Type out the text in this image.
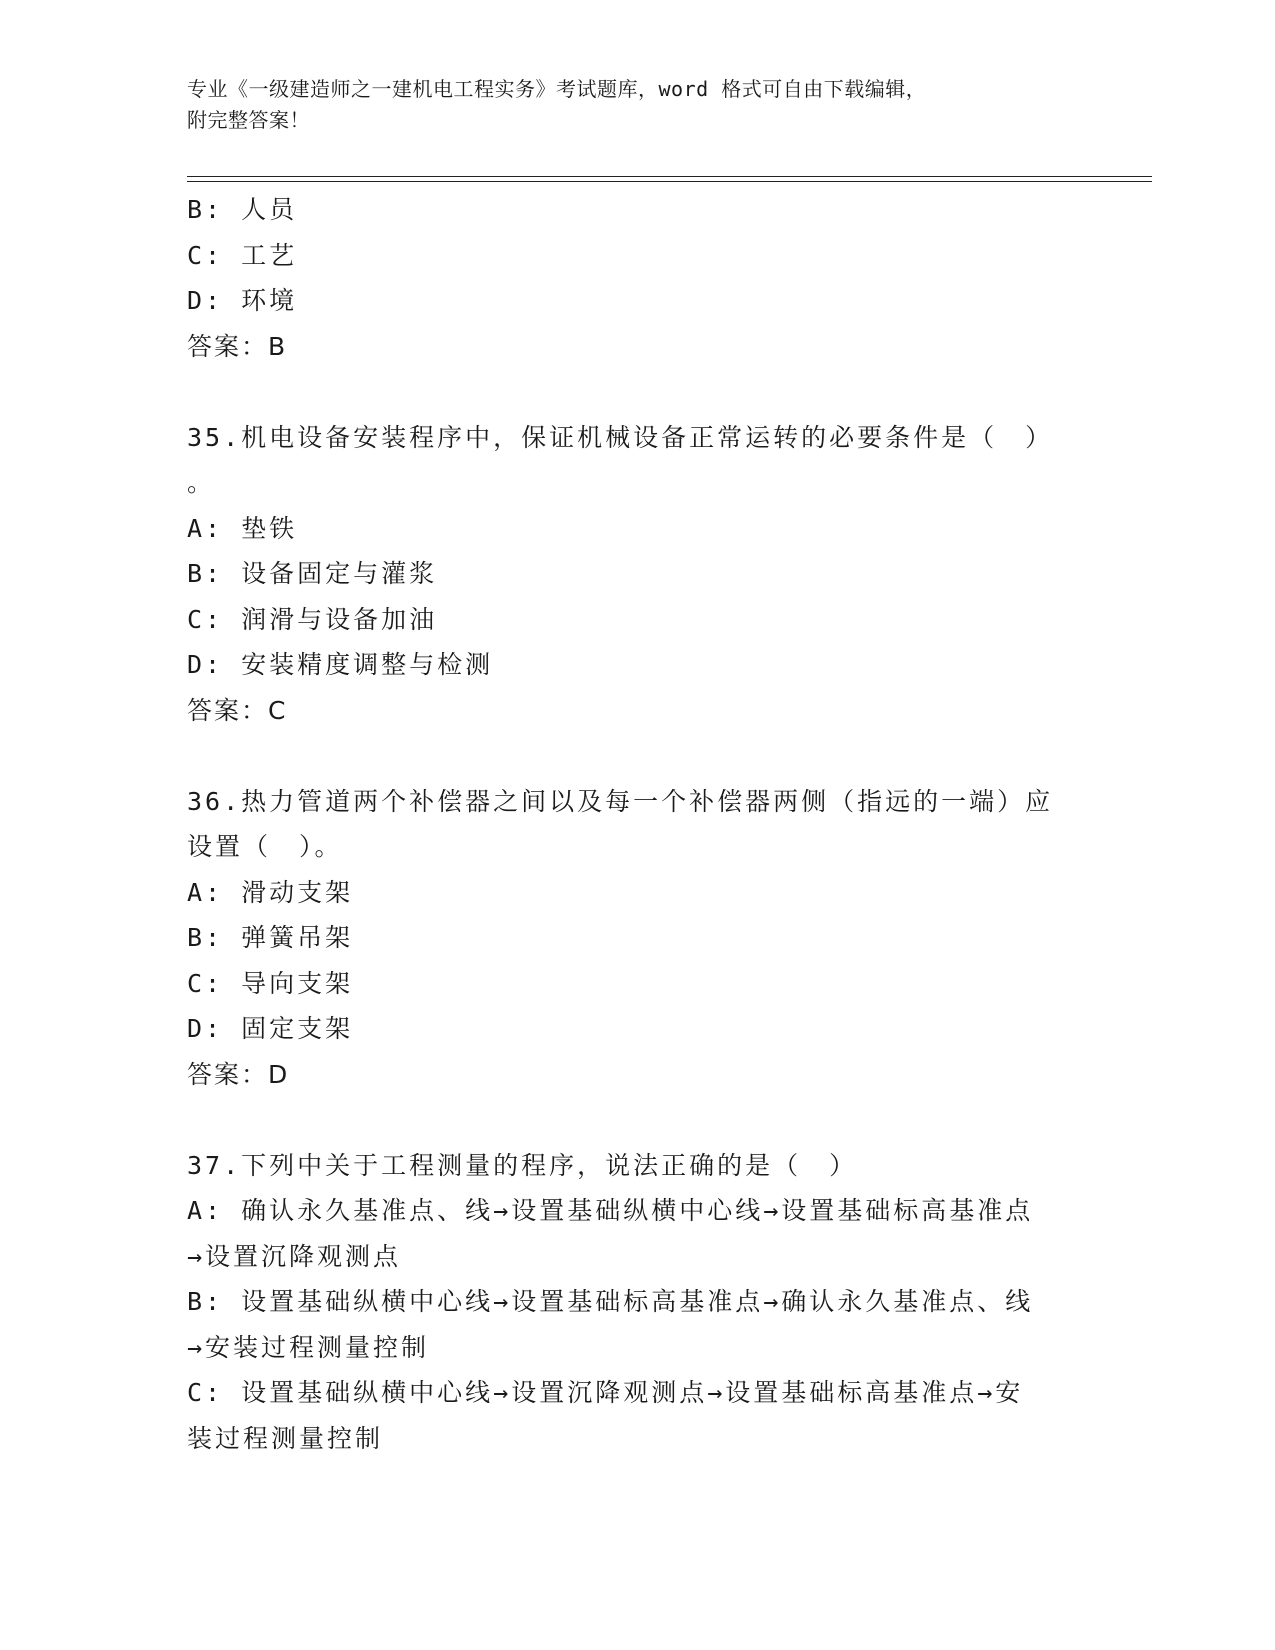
专业《一级建造师之一建机电工程实务》考试题库，word 格式可自由下载编辑，
附完整答案！
B: 人员
C: 工艺
D: 环境
答案：B
35.机电设备安装程序中，保证机械设备正常运转的必要条件是（　）
。
A: 垫铁
B: 设备固定与灌浆
C: 润滑与设备加油
D: 安装精度调整与检测
答案：C
36.热力管道两个补偿器之间以及每一个补偿器两侧（指远的一端）应
设置（　）。
A: 滑动支架
B: 弹簧吊架
C: 导向支架
D: 固定支架
答案：D
37.下列中关于工程测量的程序，说法正确的是（　）
A: 确认永久基准点、线→设置基础纵横中心线→设置基础标高基准点
→设置沉降观测点
B: 设置基础纵横中心线→设置基础标高基准点→确认永久基准点、线
→安装过程测量控制
C: 设置基础纵横中心线→设置沉降观测点→设置基础标高基准点→安
装过程测量控制
